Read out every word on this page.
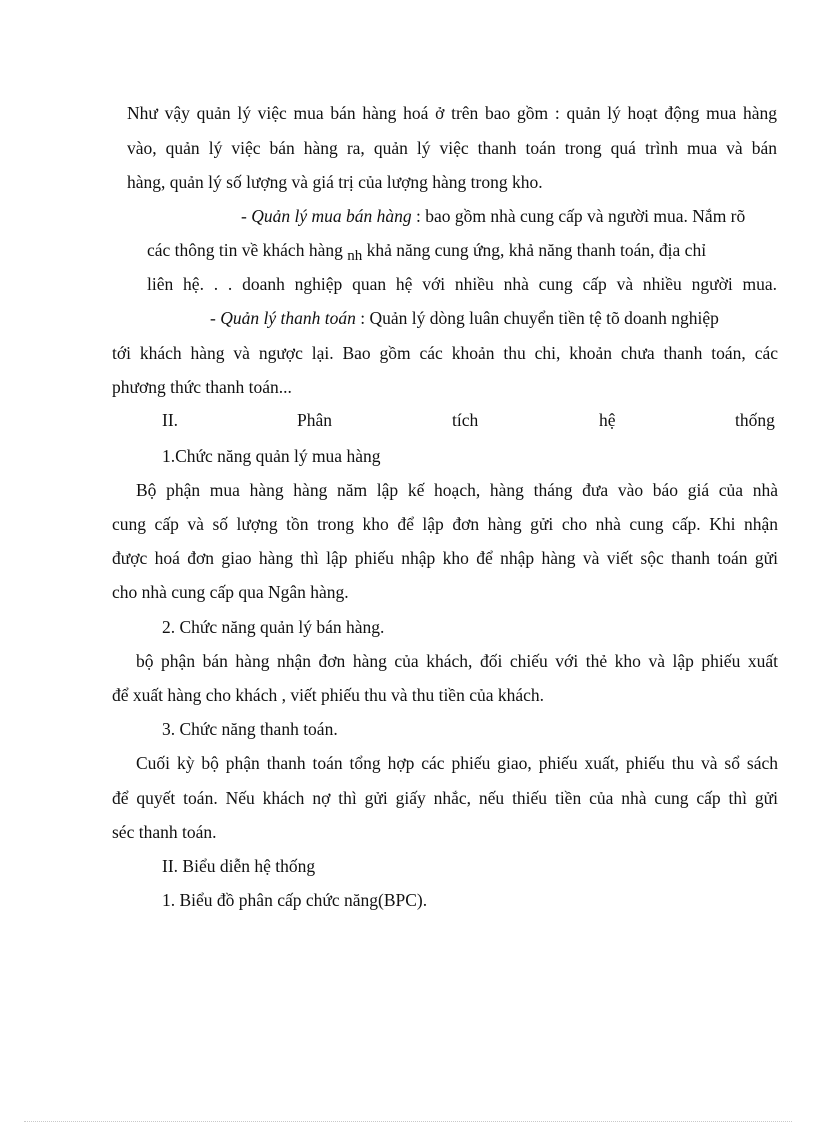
Như vậy quản lý việc mua bán hàng hoá ở trên bao gồm : quản lý hoạt động mua hàng
vào, quản lý việc bán hàng ra, quản lý việc thanh toán trong quá trình mua và bán
hàng, quản lý số lượng và giá trị của lượng hàng trong kho.
- Quản lý mua bán hàng : bao gồm nhà cung cấp và người mua. Nắm rõ
các thông tin về khách hàng nh khả năng cung ứng, khả năng thanh toán, địa chỉ
liên hệ. . . doanh nghiệp quan hệ với nhiều nhà cung cấp và nhiều người mua.
- Quản lý thanh toán : Quản lý dòng luân chuyển tiền tệ tõ doanh nghiệp
tới khách hàng và ngược lại. Bao gồm các khoản thu chi, khoản chưa thanh toán, các
phương thức thanh toán...
II.	Phân	tích	hệ	thống
1.Chức năng quản lý mua hàng
Bộ phận mua hàng hàng năm lập kế hoạch, hàng tháng đưa vào báo giá của nhà
cung cấp và số lượng tồn trong kho để lập đơn hàng gửi cho nhà cung cấp. Khi nhận
được hoá đơn giao hàng thì lập phiếu nhập kho để nhập hàng và viết sộc thanh toán gửi
cho nhà cung cấp qua Ngân hàng.
2. Chức năng quản lý bán hàng.
bộ phận bán hàng nhận đơn hàng của khách, đối chiếu với thẻ kho và lập phiếu xuất
để xuất hàng cho khách , viết phiếu thu và thu tiền của khách.
3. Chức năng thanh toán.
Cuối kỳ bộ phận thanh toán tổng hợp các phiếu giao, phiếu xuất, phiếu thu và sổ sách
để quyết toán. Nếu khách nợ thì gửi giấy nhắc, nếu thiếu tiền của nhà cung cấp thì gửi
séc thanh toán.
II. Biểu diễn hệ thống
1. Biểu đồ phân cấp chức năng(BPC).
